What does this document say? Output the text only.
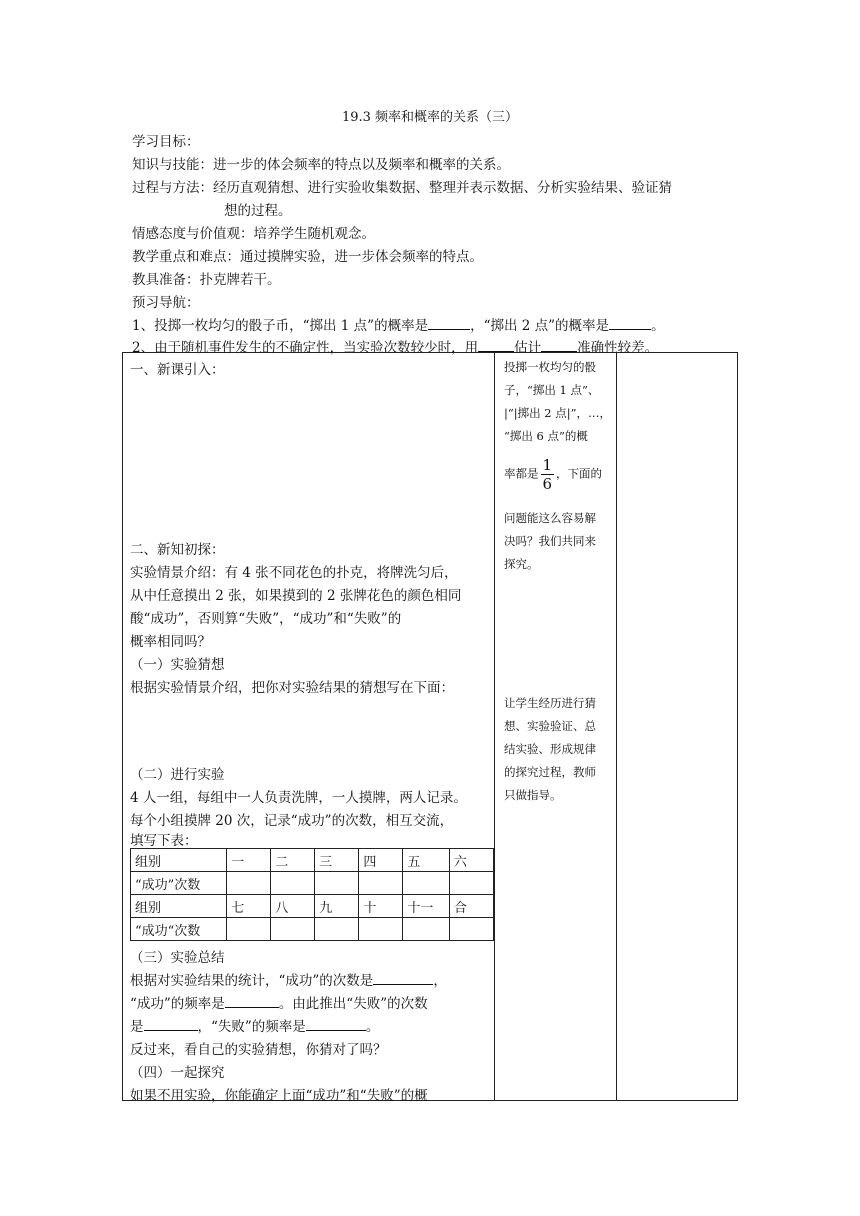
19.3 频率和概率的关系（三）
学习目标：
知识与技能：进一步的体会频率的特点以及频率和概率的关系。
过程与方法：经历直观猜想、进行实验收集数据、整理并表示数据、分析实验结果、验证猜
想的过程。
情感态度与价值观：培养学生随机观念。
教学重点和难点：通过摸牌实验，进一步体会频率的特点。
教具准备：扑克牌若干。
预习导航：
1、投掷一枚均匀的骰子币，“掷出 1 点”的概率是	，“掷出 2 点”的概率是	。
2、由于随机事件发生的不确定性，当实验次数较少时，用	估计	准确性较差。
一、新课引入：
二、新知初探：
实验情景介绍：有 4 张不同花色的扑克，将牌洗匀后，
从中任意摸出 2 张，如果摸到的 2 张牌花色的颜色相同
酸“成功”，否则算“失败”，“成功”和“失败”的
概率相同吗？
（一）实验猜想
根据实验情景介绍，把你对实验结果的猜想写在下面：
（二）进行实验
4 人一组，每组中一人负责洗牌，一人摸牌，两人记录。
每个小组摸牌 20 次，记录“成功”的次数，相互交流，
填写下表：
组别	一	二	三	四	五	六
“成功”次数						
组别	七	八	九	十	十一	合
“成功“次数						
（三）实验总结
根据对实验结果的统计，“成功”的次数是	，
“成功”的频率是	。由此推出“失败”的次数
是	，“失败”的频率是	。
反过来，看自己的实验猜想，你猜对了吗？
（四）一起探究
如果不用实验，你能确定上面“成功”和“失败”的概
投掷一枚均匀的骰
子，“掷出 1 点”、
|“|掷出 2 点|”，…，
“掷出 6 点”的概
率都是 $\frac{1}{6}$ ，下面的
问题能这么容易解
决吗？我们共同来
探究。
让学生经历进行猜
想、实验验证、总
结实验、形成规律
的探究过程，教师
只做指导。
